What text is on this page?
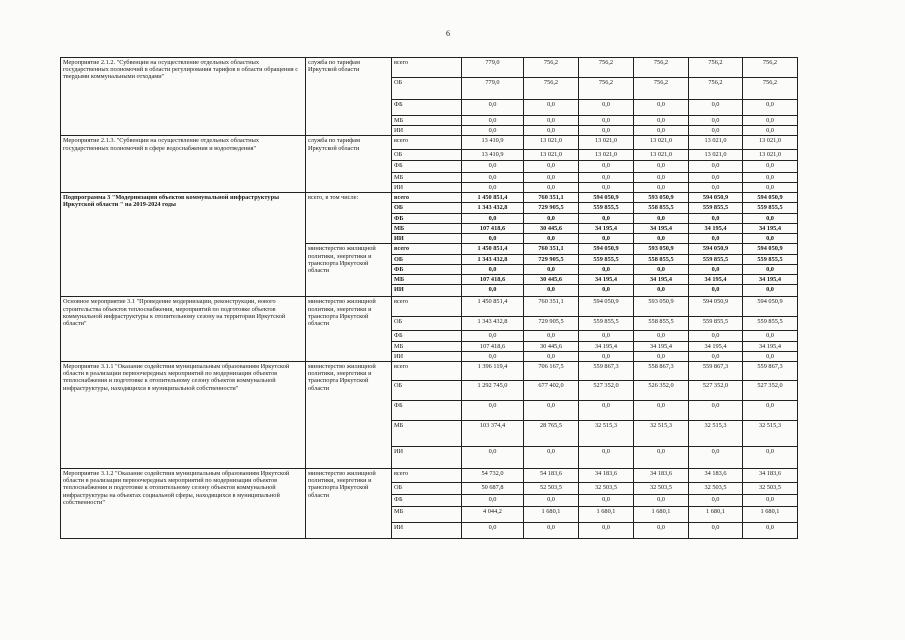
6
Мероприятие 2.1.2. "Субвенции на осуществление отдельных областных государственных полномочий в области регулирования тарифов в области обращения с твердыми коммунальными отходами"	служба по тарифам Иркутской области	всего	779,0	756,2	756,2	756,2	756,2	756,2
		ОБ	779,0	756,2	756,2	756,2	756,2	756,2
		ФБ	0,0	0,0	0,0	0,0	0,0	0,0
		МБ	0,0	0,0	0,0	0,0	0,0	0,0
		ИИ	0,0	0,0	0,0	0,0	0,0	0,0
Мероприятие 2.1.3. "Субвенции на осуществление отдельных областных государственных полномочий в сфере водоснабжения и водоотведения"	служба по тарифам Иркутской области	всего	13 410,9	13 021,0	13 021,0	13 021,0	13 021,0	13 021,0
		ОБ	13 410,9	13 021,0	13 021,0	13 021,0	13 021,0	13 021,0
		ФБ	0,0	0,0	0,0	0,0	0,0	0,0
		МБ	0,0	0,0	0,0	0,0	0,0	0,0
		ИИ	0,0	0,0	0,0	0,0	0,0	0,0
Подпрограмма 3 "Модернизация объектов коммунальной инфраструктуры Иркутской области " на 2019-2024 годы	всего, в том числе:	всего	1 450 851,4	760 351,1	594 050,9	593 050,9	594 050,9	594 050,9
		ОБ	1 343 432,8	729 905,5	559 855,5	558 855,5	559 855,5	559 855,5
		ФБ	0,0	0,0	0,0	0,0	0,0	0,0
		МБ	107 418,6	30 445,6	34 195,4	34 195,4	34 195,4	34 195,4
		ИИ	0,0	0,0	0,0	0,0	0,0	0,0
	министерство жилищной политики, энергетики и транспорта Иркутской области	всего	1 450 851,4	760 351,1	594 050,9	593 050,9	594 050,9	594 050,9
		ОБ	1 343 432,8	729 905,5	559 855,5	558 855,5	559 855,5	559 855,5
		ФБ	0,0	0,0	0,0	0,0	0,0	0,0
		МБ	107 418,6	30 445,6	34 195,4	34 195,4	34 195,4	34 195,4
		ИИ	0,0	0,0	0,0	0,0	0,0	0,0
Основное мероприятие 3.1 "Проведение модернизации, реконструкции, нового строительства объектов теплоснабжения, мероприятий по подготовке объектов коммунальной инфраструктуры к отопительному сезону на территории Иркутской области"	министерство жилищной политики, энергетики и транспорта Иркутской области	всего	1 450 851,4	760 351,1	594 050,9	593 050,9	594 050,9	594 050,9
		ОБ	1 343 432,8	729 905,5	559 855,5	558 855,5	559 855,5	559 855,5
		ФБ	0,0	0,0	0,0	0,0	0,0	0,0
		МБ	107 418,6	30 445,6	34 195,4	34 195,4	34 195,4	34 195,4
		ИИ	0,0	0,0	0,0	0,0	0,0	0,0
Мероприятие 3.1.1 "Оказание содействия муниципальным образованиям Иркутской области в реализации первоочередных мероприятий по модернизации объектов теплоснабжения и подготовке к отопительному сезону объектов коммунальной инфраструктуры, находящихся в муниципальной собственности"	министерство жилищной политики, энергетики и транспорта Иркутской области	всего	1 396 119,4	706 167,5	559 867,3	558 867,3	559 867,3	559 867,3
		ОБ	1 292 745,0	677 402,0	527 352,0	526 352,0	527 352,0	527 352,0
		ФБ	0,0	0,0	0,0	0,0	0,0	0,0
		МБ	103 374,4	28 765,5	32 515,3	32 515,3	32 515,3	32 515,3
		ИИ	0,0	0,0	0,0	0,0	0,0	0,0
Мероприятие 3.1.2 "Оказание содействия муниципальным образованиям Иркутской области в реализации первоочередных мероприятий по модернизации объектов теплоснабжения и подготовке к отопительному сезону объектов коммунальной инфраструктуры на объектах социальной сферы, находящихся в муниципальной собственности"	министерство жилищной политики, энергетики и транспорта Иркутской области	всего	54 732,0	54 183,6	34 183,6	34 183,6	34 183,6	34 183,6
		ОБ	50 687,8	52 503,5	32 503,5	32 503,5	32 503,5	32 503,5
		ФБ	0,0	0,0	0,0	0,0	0,0	0,0
		МБ	4 044,2	1 680,1	1 680,1	1 680,1	1 680,1	1 680,1
		ИИ	0,0	0,0	0,0	0,0	0,0	0,0
